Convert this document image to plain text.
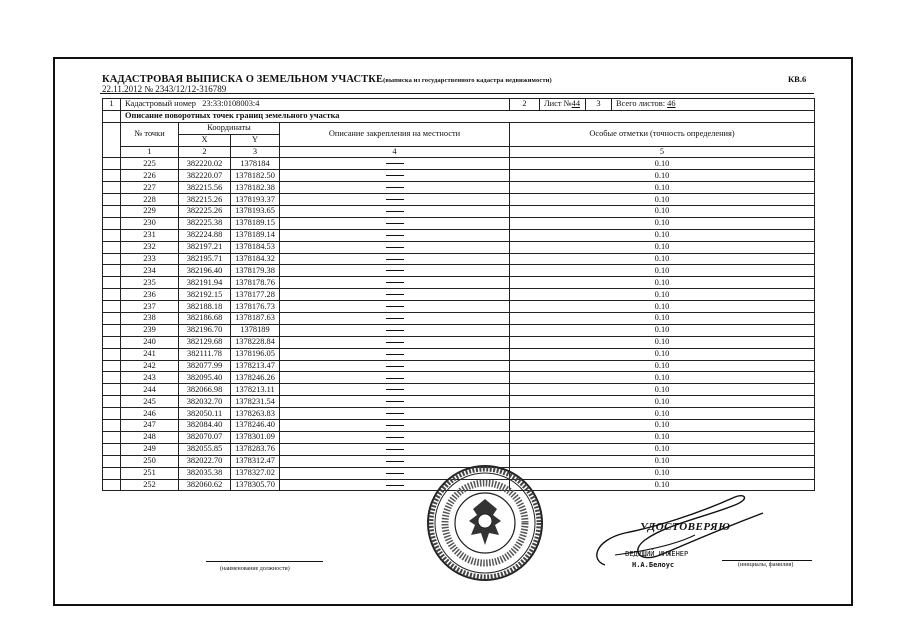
КАДАСТРОВАЯ ВЫПИСКА О ЗЕМЕЛЬНОМ УЧАСТКЕ(выписка из государственного кадастра недвижимости)
22.11.2012 № 2343/12/12-316789
КВ.6
1	Кадастровый номер 23:33:0108003:4				2	Лист №44	3	Всего листов: 46
	Описание поворотных точек границ земельного участка							
	№ точки	Координаты		Описание закрепления на местности	Особые отметки (точность определения)			
		X	Y					
	1	2	3	4	5			
	225	382220.02	1378184		0.10			
	226	382220.07	1378182.50		0.10			
	227	382215.56	1378182.38		0.10			
	228	382215.26	1378193.37		0.10			
	229	382225.26	1378193.65		0.10			
	230	382225.38	1378189.15		0.10			
	231	382224.88	1378189.14		0.10			
	232	382197.21	1378184.53		0.10			
	233	382195.71	1378184.32		0.10			
	234	382196.40	1378179.38		0.10			
	235	382191.94	1378178.76		0.10			
	236	382192.15	1378177.28		0.10			
	237	382188.18	1378176.73		0.10			
	238	382186.68	1378187.63		0.10			
	239	382196.70	1378189		0.10			
	240	382129.68	1378228.84		0.10			
	241	382111.78	1378196.05		0.10			
	242	382077.99	1378213.47		0.10			
	243	382095.40	1378246.26		0.10			
	244	382066.98	1378213.11		0.10			
	245	382032.70	1378231.54		0.10			
	246	382050.11	1378263.83		0.10			
	247	382084.40	1378246.40		0.10			
	248	382070.07	1378301.09		0.10			
	249	382055.85	1378283.76		0.10			
	250	382022.70	1378312.47		0.10			
	251	382035.38	1378327.02		0.10			
	252	382060.62	1378305.70		0.10			
УДОСТОВЕРЯЮ
ВЕДУЩИЙ ИНЖЕНЕР
Н.А.Белоус
(наименование должности)
(инициалы, фамилия)
